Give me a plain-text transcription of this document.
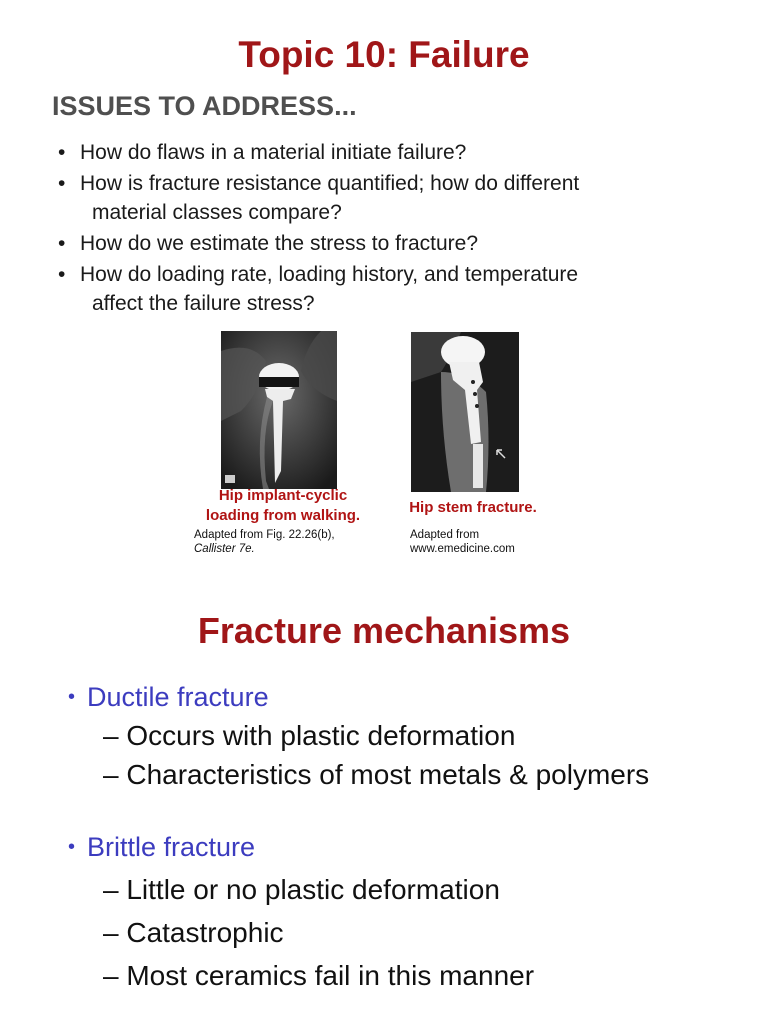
Topic 10: Failure
ISSUES TO ADDRESS...
• How do flaws in a material initiate failure?
• How is fracture resistance quantified; how do different
material classes compare?
• How do we estimate the stress to fracture?
• How do loading rate, loading history, and temperature
affect the failure stress?
Hip implant-cyclic
loading from walking.
Adapted from Fig. 22.26(b),
Callister 7e.
Hip stem fracture.
Adapted from
www.emedicine.com
Fracture mechanisms
• Ductile fracture
– Occurs with plastic deformation
– Characteristics of most metals & polymers
• Brittle fracture
– Little or no plastic deformation
– Catastrophic
– Most ceramics fail in this manner
